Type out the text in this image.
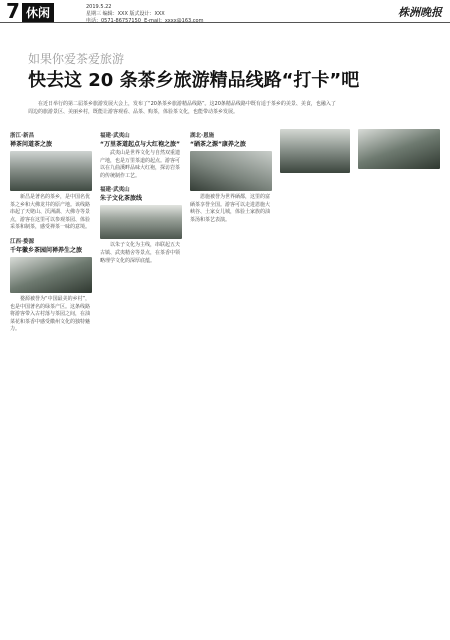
7 休闲	2019.5.22
星期三 编辑：XXX 版式设计：XXX
电话：0571-86757150  E-mail：xxxx@163.com
株洲晚报
如果你爱茶爱旅游
快去这 20 条茶乡旅游精品线路“打卡”吧
在近日举行的第二届茶乡旅游发展大会上，发布了“20条茶乡旅游精品线路”。这20条精品线路中既有适于茶乡的美景、美食，也融入了周边的旅游景区、美丽乡村，既能让游客观看、品茶、购茶，体验茶文化，也能带动茶乡发展。
浙江·新昌
禅茶问道茶之旅
新昌是著名的茶乡，是中国名优茶之乡和大佛龙井的原产地。该线路串起了天姥山、沃洲湖、大佛寺等景点，游客在这里可以参观茶园、体验采茶和制茶，感受禅茶一味的意境。
江西·婺源
千年徽乡茶园问禅养生之旅
婺源被誉为“中国最美的乡村”，也是中国著名的绿茶产区。这条线路将游客带入古村落与茶园之间，在油菜花和茶香中感受徽州文化的独特魅力。
福建·武夷山
“万里茶道起点与大红袍之旅”
武夷山是世界文化与自然双重遗产地，也是万里茶道的起点。游客可以在九曲溪畔品味大红袍，探访岩茶的传统制作工艺。
福建·武夷山
朱子文化茶旅线
以朱子文化为主线，串联起五夫古镇、武夷精舍等景点，在茶香中领略理学文化的深厚底蕴。
湖北·恩施
“硒茶之源”康养之旅
恩施被誉为世界硒都，这里的富硒茶享誉全国。游客可以走进恩施大峡谷、土家女儿城，体验土家族的油茶汤和茶艺表演。
